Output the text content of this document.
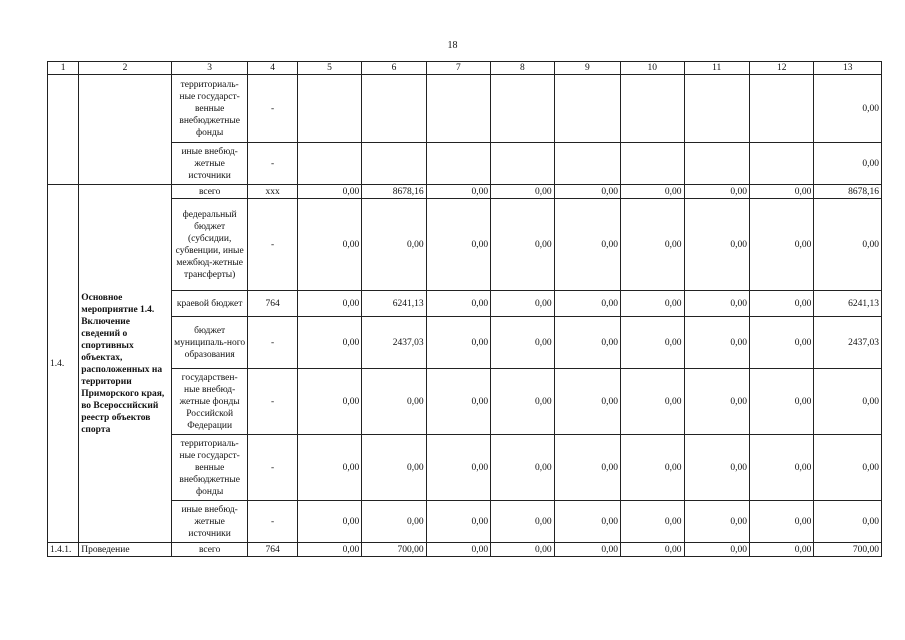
18
1	2	3	4	5	6	7	8	9	10	11	12	13
		территориаль-ные государст-венные внебюджетные фонды	-									0,00
		иные внебюд-жетные источники	-									0,00
1.4.	Основное мероприятие 1.4. Включение сведений о спортивных объектах, расположенных на территории Приморского края, во Всероссийский реестр объектов спорта	всего	ххх	0,00	8678,16	0,00	0,00	0,00	0,00	0,00	0,00	8678,16
		федеральный бюджет (субсидии, субвенции, иные межбюд-жетные трансферты)	-	0,00	0,00	0,00	0,00	0,00	0,00	0,00	0,00	0,00
		краевой бюджет	764	0,00	6241,13	0,00	0,00	0,00	0,00	0,00	0,00	6241,13
		бюджет муниципаль-ного образования	-	0,00	2437,03	0,00	0,00	0,00	0,00	0,00	0,00	2437,03
		государствен-ные внебюд-жетные фонды Российской Федерации	-	0,00	0,00	0,00	0,00	0,00	0,00	0,00	0,00	0,00
		территориаль-ные государст-венные внебюджетные фонды	-	0,00	0,00	0,00	0,00	0,00	0,00	0,00	0,00	0,00
		иные внебюд-жетные источники	-	0,00	0,00	0,00	0,00	0,00	0,00	0,00	0,00	0,00
1.4.1.	Проведение	всего	764	0,00	700,00	0,00	0,00	0,00	0,00	0,00	0,00	700,00
